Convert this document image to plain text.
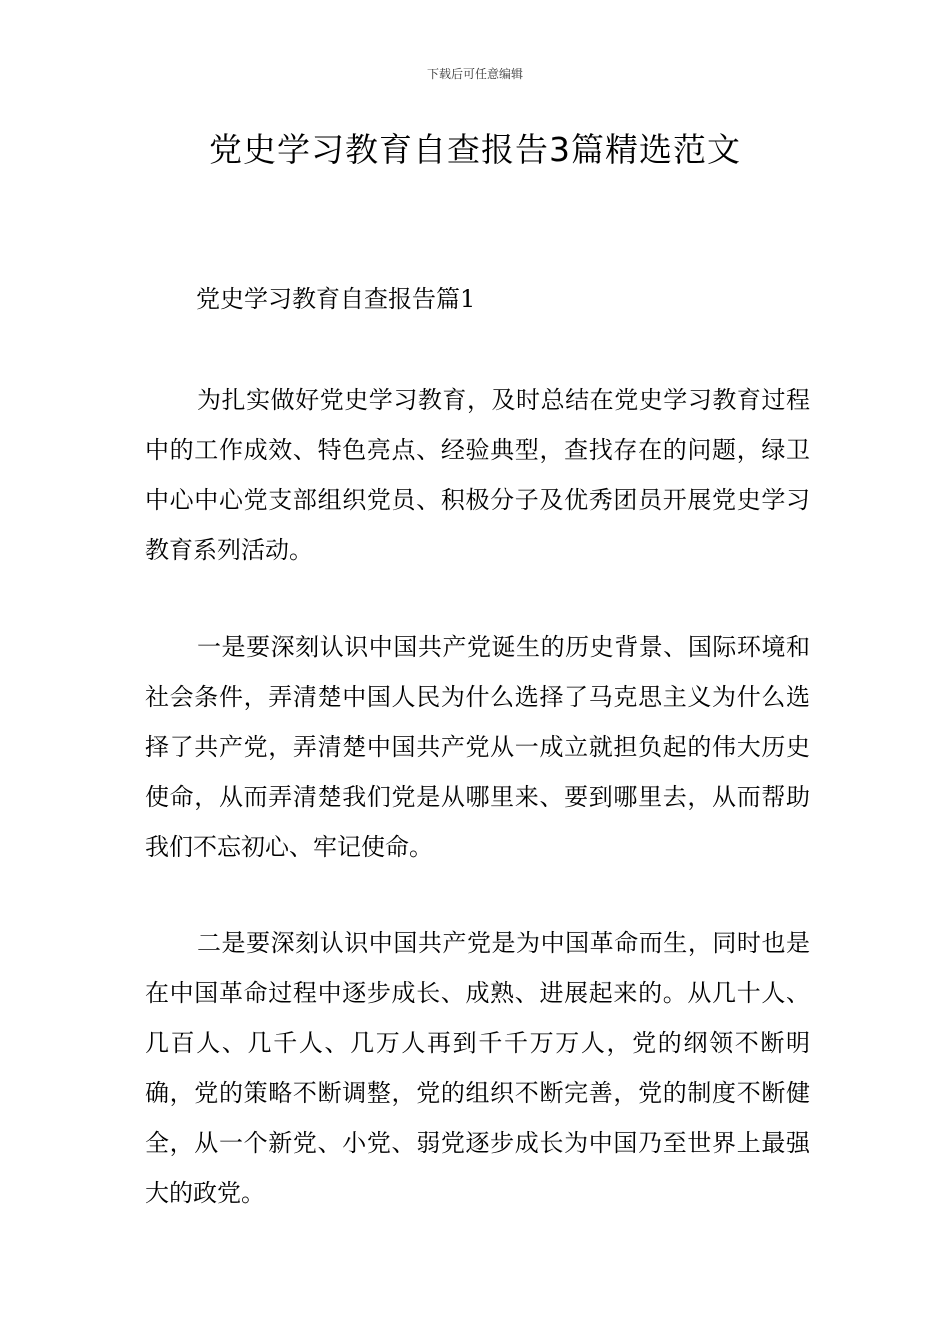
下载后可任意编辑
党史学习教育自查报告3篇精选范文
党史学习教育自查报告篇1

为扎实做好党史学习教育，及时总结在党史学习教育过程中的工作成效、特色亮点、经验典型，查找存在的问题，绿卫中心中心党支部组织党员、积极分子及优秀团员开展党史学习教育系列活动。

一是要深刻认识中国共产党诞生的历史背景、国际环境和社会条件，弄清楚中国人民为什么选择了马克思主义为什么选择了共产党，弄清楚中国共产党从一成立就担负起的伟大历史使命，从而弄清楚我们党是从哪里来、要到哪里去，从而帮助我们不忘初心、牢记使命。

二是要深刻认识中国共产党是为中国革命而生，同时也是在中国革命过程中逐步成长、成熟、进展起来的。从几十人、几百人、几千人、几万人再到千千万万人，党的纲领不断明确，党的策略不断调整，党的组织不断完善，党的制度不断健全，从一个新党、小党、弱党逐步成长为中国乃至世界上最强大的政党。
